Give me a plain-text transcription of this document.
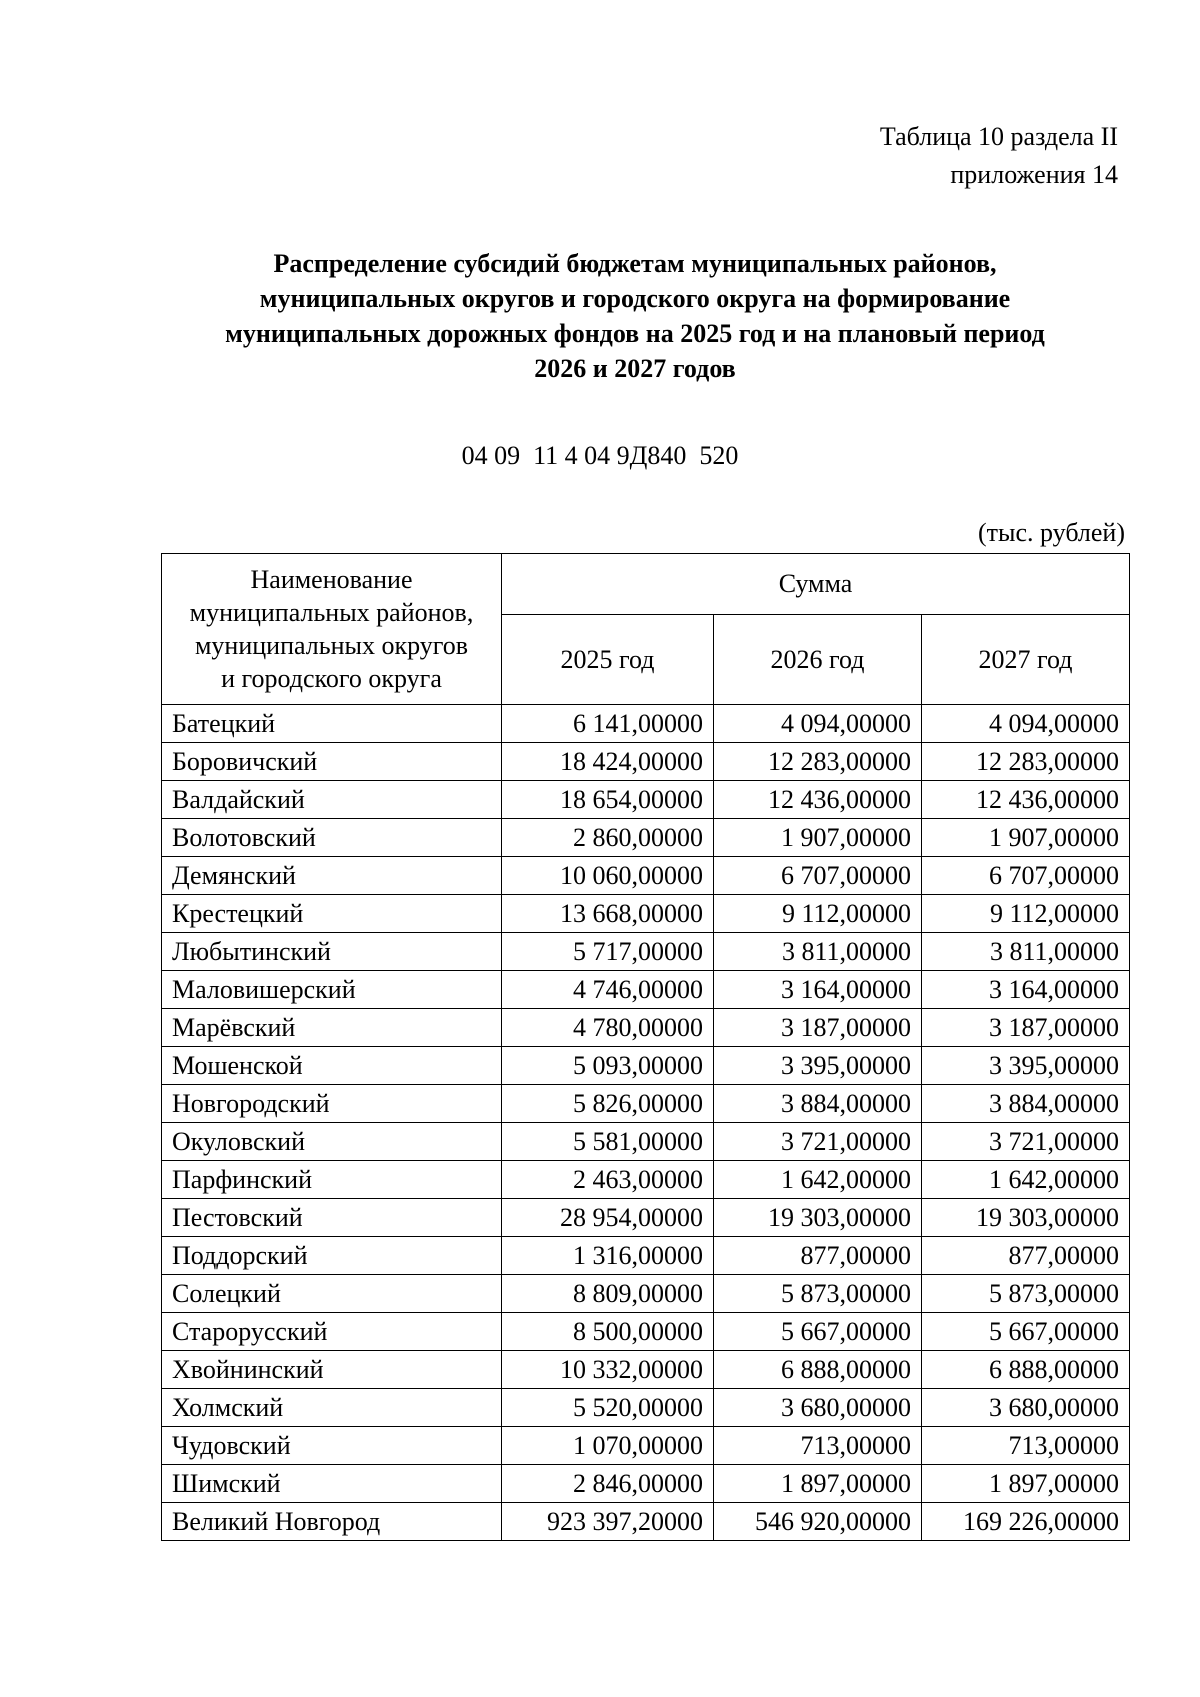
Таблица 10 раздела II
приложения 14
Распределение субсидий бюджетам муниципальных районов,
муниципальных округов и городского округа на формирование
муниципальных дорожных фондов на 2025 год и на плановый период
2026 и 2027 годов
04 09  11 4 04 9Д840  520
(тыс. рублей)
Наименование
муниципальных районов,
муниципальных округов
и городского округа	Сумма		
	2025 год	2026 год	2027 год
Батецкий	6 141,00000	4 094,00000	4 094,00000
Боровичский	18 424,00000	12 283,00000	12 283,00000
Валдайский	18 654,00000	12 436,00000	12 436,00000
Волотовский	2 860,00000	1 907,00000	1 907,00000
Демянский	10 060,00000	6 707,00000	6 707,00000
Крестецкий	13 668,00000	9 112,00000	9 112,00000
Любытинский	5 717,00000	3 811,00000	3 811,00000
Маловишерский	4 746,00000	3 164,00000	3 164,00000
Марёвский	4 780,00000	3 187,00000	3 187,00000
Мошенской	5 093,00000	3 395,00000	3 395,00000
Новгородский	5 826,00000	3 884,00000	3 884,00000
Окуловский	5 581,00000	3 721,00000	3 721,00000
Парфинский	2 463,00000	1 642,00000	1 642,00000
Пестовский	28 954,00000	19 303,00000	19 303,00000
Поддорский	1 316,00000	877,00000	877,00000
Солецкий	8 809,00000	5 873,00000	5 873,00000
Старорусский	8 500,00000	5 667,00000	5 667,00000
Хвойнинский	10 332,00000	6 888,00000	6 888,00000
Холмский	5 520,00000	3 680,00000	3 680,00000
Чудовский	1 070,00000	713,00000	713,00000
Шимский	2 846,00000	1 897,00000	1 897,00000
Великий Новгород	923 397,20000	546 920,00000	169 226,00000
